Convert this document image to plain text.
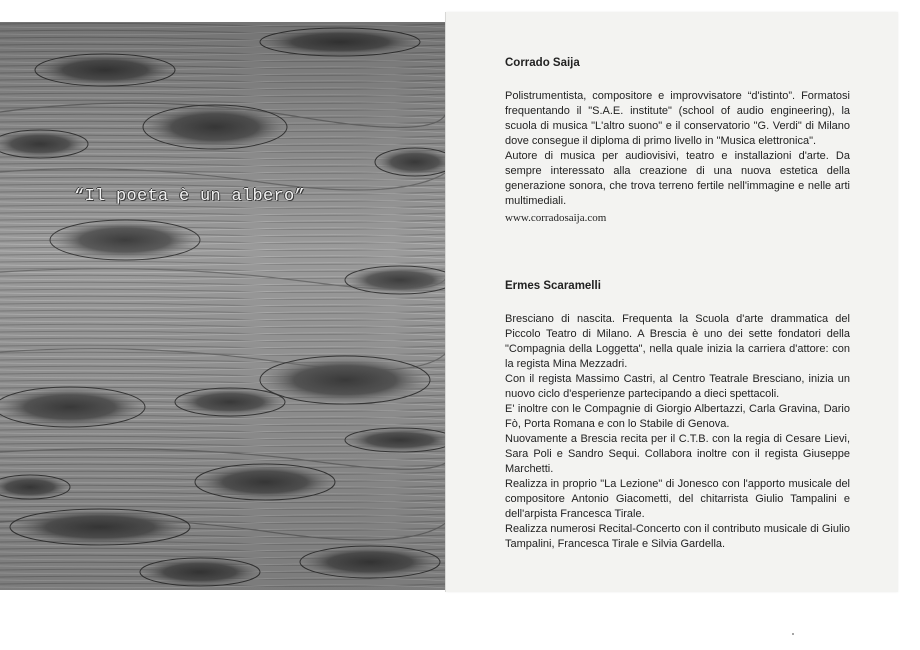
“Il poeta è un albero”

Corrado Saija

Polistrumentista, compositore e improvvisatore “d'istinto”. Formatosi frequentando il "S.A.E. institute" (school of audio engineering), la scuola di musica "L'altro suono" e il conservatorio "G. Verdi" di Milano dove consegue il diploma di primo livello in "Musica elettronica".

Autore di musica per audiovisivi, teatro e installazioni d'arte. Da sempre interessato alla creazione di una nuova estetica della generazione sonora, che trova terreno fertile nell'immagine e nelle arti multimediali.

www.corradosaija.com

Ermes Scaramelli

Bresciano di nascita. Frequenta la Scuola d'arte drammatica del Piccolo Teatro di Milano. A Brescia è uno dei sette fondatori della "Compagnia della Loggetta", nella quale inizia la carriera d'attore: con la regista Mina Mezzadri.

Con il regista Massimo Castri, al Centro Teatrale Bresciano, inizia un nuovo ciclo d'esperienze partecipando a dieci spettacoli.

E' inoltre con le Compagnie di Giorgio Albertazzi, Carla Gravina, Dario Fò, Porta Romana e con lo Stabile di Genova.

Nuovamente a Brescia recita per il C.T.B. con la regia di Cesare Lievi, Sara Poli e Sandro Sequi. Collabora inoltre con il regista Giuseppe Marchetti.

Realizza in proprio "La Lezione" di Jonesco con l'apporto musicale del compositore Antonio Giacometti, del chitarrista Giulio Tampalini e dell'arpista Francesca Tirale.

Realizza numerosi Recital-Concerto con il contributo musicale di Giulio Tampalini, Francesca Tirale e Silvia Gardella.
